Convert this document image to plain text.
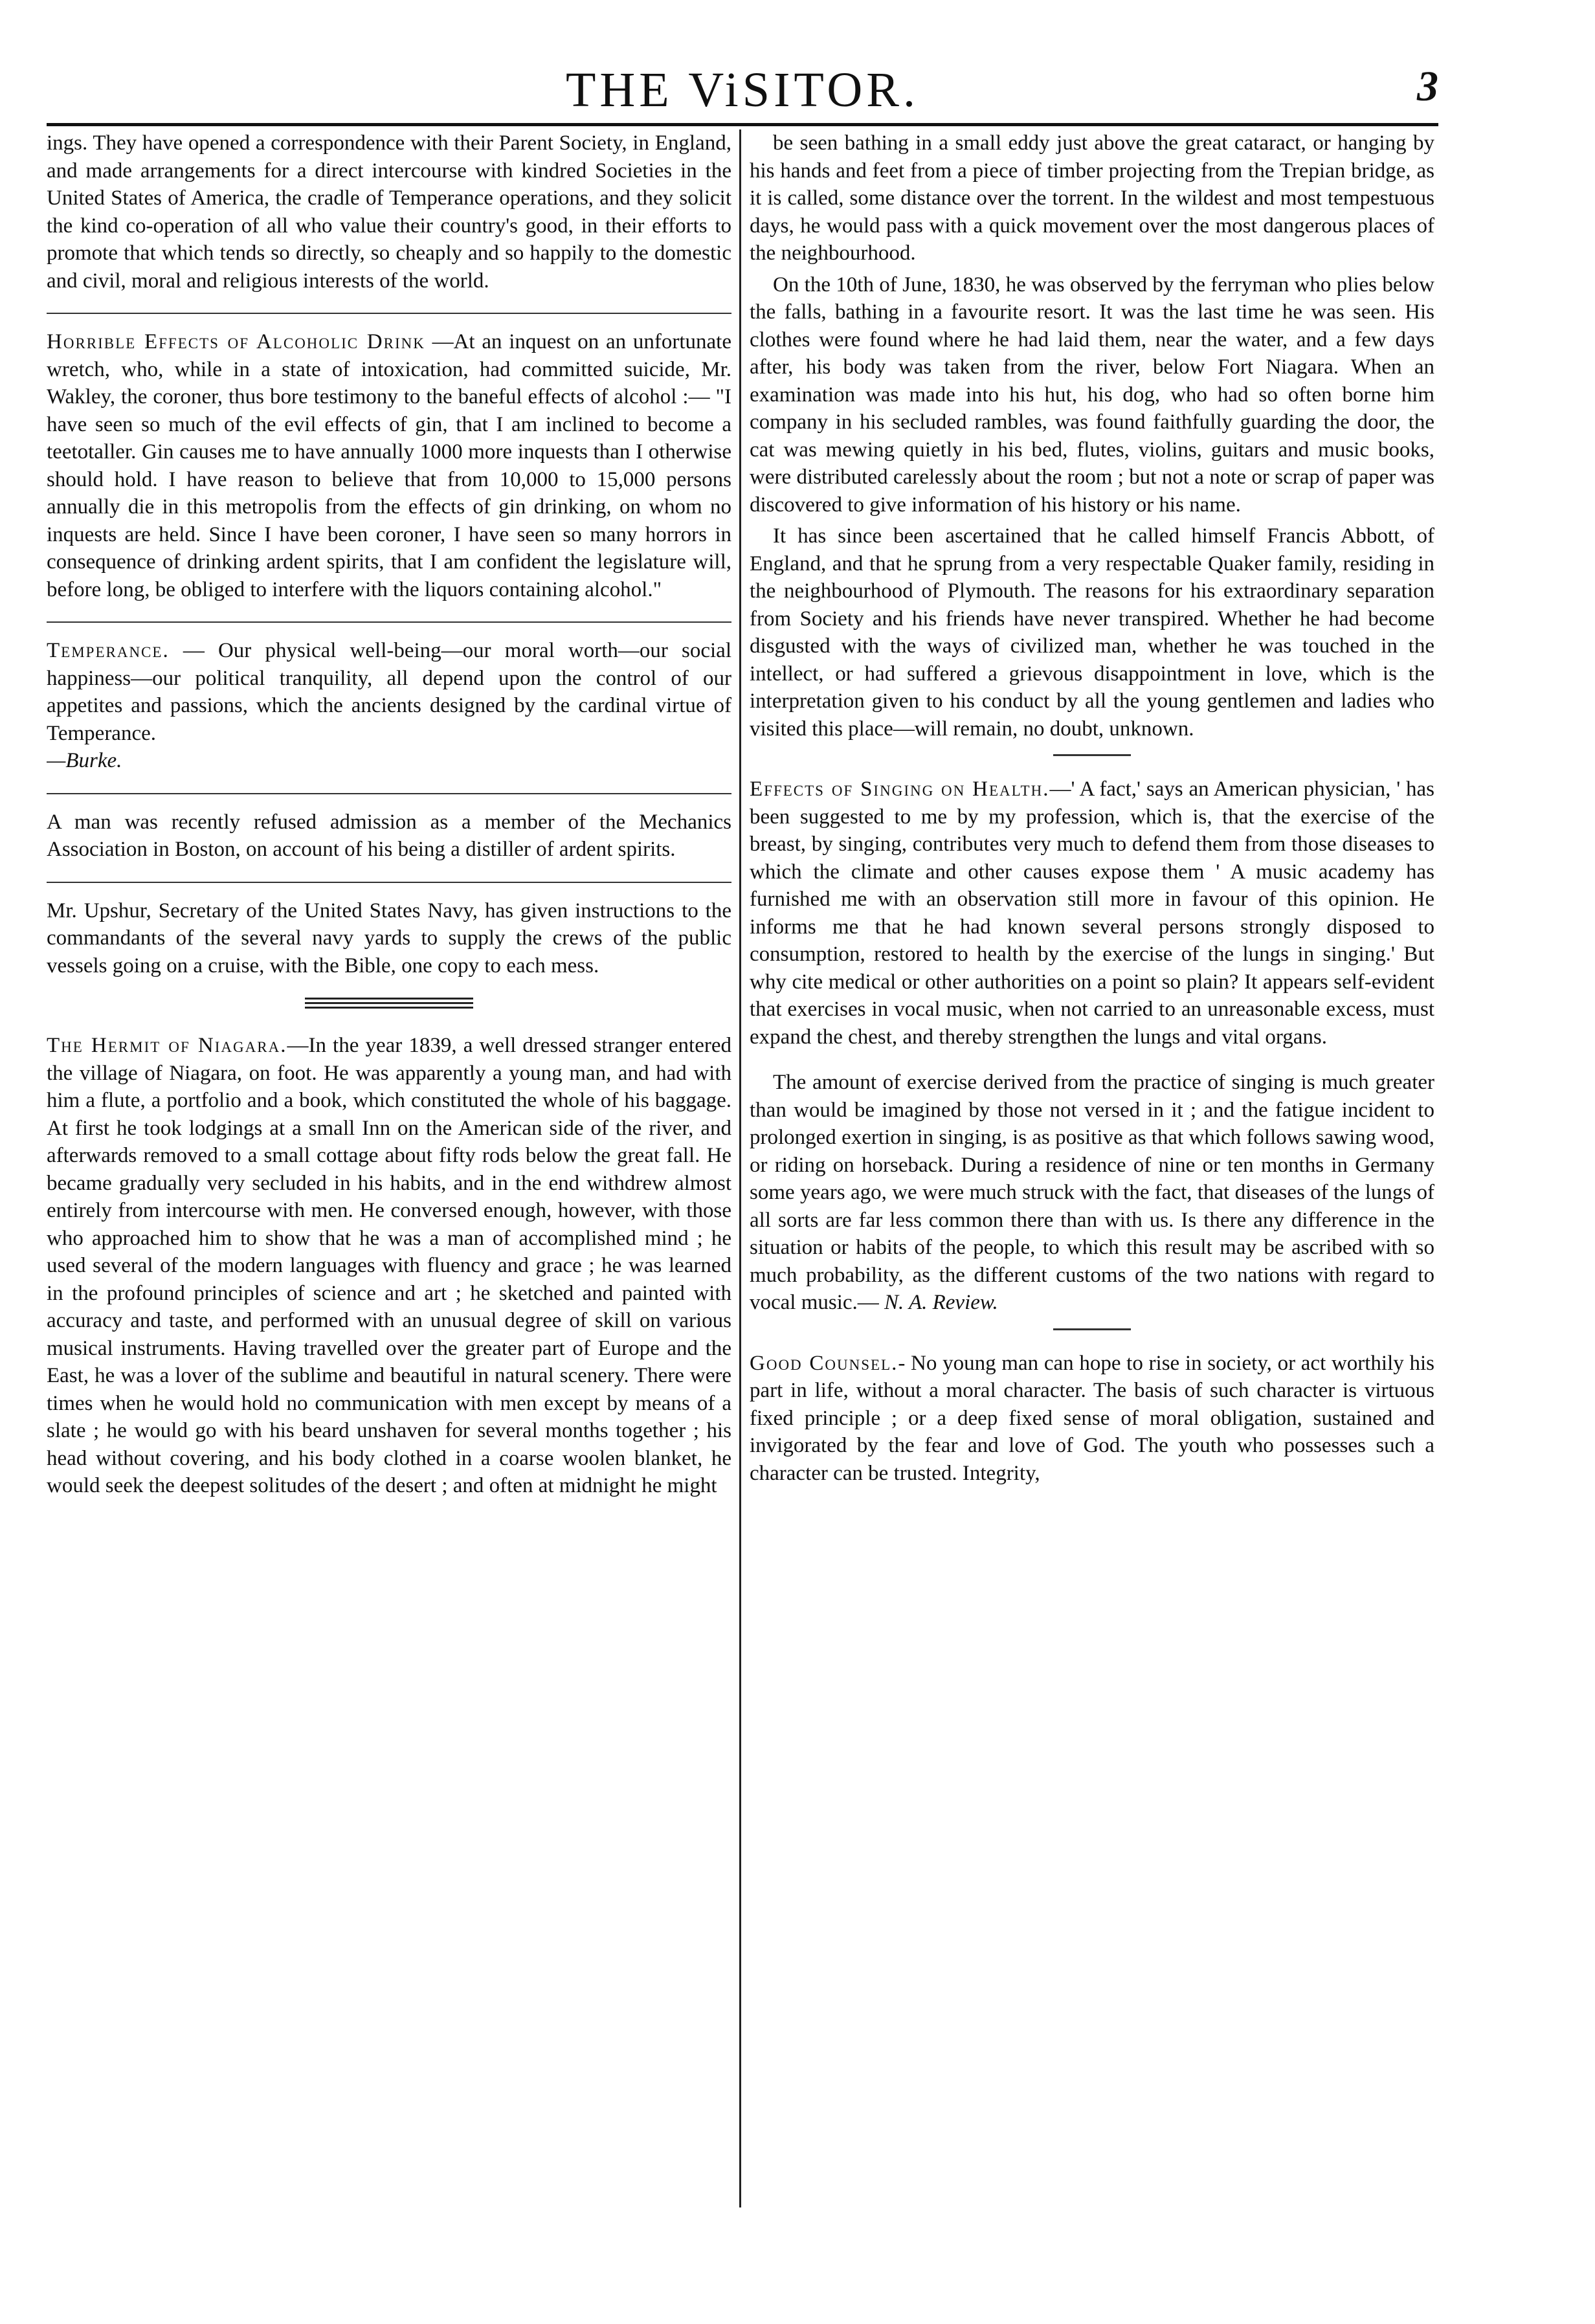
THE ViSITOR.	3

ings. They have opened a correspondence with their Parent Society, in England, and made arrangements for a direct intercourse with kindred Societies in the United States of America, the cradle of Temperance operations, and they solicit the kind co-operation of all who value their country's good, in their efforts to promote that which tends so directly, so cheaply and so happily to the domestic and civil, moral and religious interests of the world.

Horrible Effects of Alcoholic Drink —At an inquest on an unfortunate wretch, who, while in a state of intoxication, had committed suicide, Mr. Wakley, the coroner, thus bore testimony to the baneful effects of alcohol :— "I have seen so much of the evil effects of gin, that I am inclined to become a teetotaller. Gin causes me to have annually 1000 more inquests than I otherwise should hold. I have reason to believe that from 10,000 to 15,000 persons annually die in this metropolis from the effects of gin drinking, on whom no inquests are held. Since I have been coroner, I have seen so many horrors in consequence of drinking ardent spirits, that I am confident the legislature will, before long, be obliged to interfere with the liquors containing alcohol."

Temperance. — Our physical well-being—our moral worth—our social happiness—our political tranquility, all depend upon the control of our appetites and passions, which the ancients designed by the cardinal virtue of Temperance.
—Burke.

A man was recently refused admission as a member of the Mechanics Association in Boston, on account of his being a distiller of ardent spirits.

Mr. Upshur, Secretary of the United States Navy, has given instructions to the commandants of the several navy yards to supply the crews of the public vessels going on a cruise, with the Bible, one copy to each mess.

The Hermit of Niagara.—In the year 1839, a well dressed stranger entered the village of Niagara, on foot. He was apparently a young man, and had with him a flute, a portfolio and a book, which constituted the whole of his baggage. At first he took lodgings at a small Inn on the American side of the river, and afterwards removed to a small cottage about fifty rods below the great fall. He became gradually very secluded in his habits, and in the end withdrew almost entirely from intercourse with men. He conversed enough, however, with those who approached him to show that he was a man of accomplished mind ; he used several of the modern languages with fluency and grace ; he was learned in the profound principles of science and art ; he sketched and painted with accuracy and taste, and performed with an unusual degree of skill on various musical instruments. Having travelled over the greater part of Europe and the East, he was a lover of the sublime and beautiful in natural scenery. There were times when he would hold no communication with men except by means of a slate ; he would go with his beard unshaven for several months together ; his head without covering, and his body clothed in a coarse woolen blanket, he would seek the deepest solitudes of the desert ; and often at midnight he might

be seen bathing in a small eddy just above the great cataract, or hanging by his hands and feet from a piece of timber projecting from the Trepian bridge, as it is called, some distance over the torrent. In the wildest and most tempestuous days, he would pass with a quick movement over the most dangerous places of the neighbourhood.

On the 10th of June, 1830, he was observed by the ferryman who plies below the falls, bathing in a favourite resort. It was the last time he was seen. His clothes were found where he had laid them, near the water, and a few days after, his body was taken from the river, below Fort Niagara. When an examination was made into his hut, his dog, who had so often borne him company in his secluded rambles, was found faithfully guarding the door, the cat was mewing quietly in his bed, flutes, violins, guitars and music books, were distributed carelessly about the room ; but not a note or scrap of paper was discovered to give information of his history or his name.

It has since been ascertained that he called himself Francis Abbott, of England, and that he sprung from a very respectable Quaker family, residing in the neighbourhood of Plymouth. The reasons for his extraordinary separation from Society and his friends have never transpired. Whether he had become disgusted with the ways of civilized man, whether he was touched in the intellect, or had suffered a grievous disappointment in love, which is the interpretation given to his conduct by all the young gentlemen and ladies who visited this place—will remain, no doubt, unknown.

Effects of Singing on Health.—' A fact,' says an American physician, ' has been suggested to me by my profession, which is, that the exercise of the breast, by singing, contributes very much to defend them from those diseases to which the climate and other causes expose them ' A music academy has furnished me with an observation still more in favour of this opinion. He informs me that he had known several persons strongly disposed to consumption, restored to health by the exercise of the lungs in singing.' But why cite medical or other authorities on a point so plain? It appears self-evident that exercises in vocal music, when not carried to an unreasonable excess, must expand the chest, and thereby strengthen the lungs and vital organs.

The amount of exercise derived from the practice of singing is much greater than would be imagined by those not versed in it ; and the fatigue incident to prolonged exertion in singing, is as positive as that which follows sawing wood, or riding on horseback. During a residence of nine or ten months in Germany some years ago, we were much struck with the fact, that diseases of the lungs of all sorts are far less common there than with us. Is there any difference in the situation or habits of the people, to which this result may be ascribed with so much probability, as the different customs of the two nations with regard to vocal music.— N. A. Review.

Good Counsel.- No young man can hope to rise in society, or act worthily his part in life, without a moral character. The basis of such character is virtuous fixed principle ; or a deep fixed sense of moral obligation, sustained and invigorated by the fear and love of God. The youth who possesses such a character can be trusted. Integrity,
